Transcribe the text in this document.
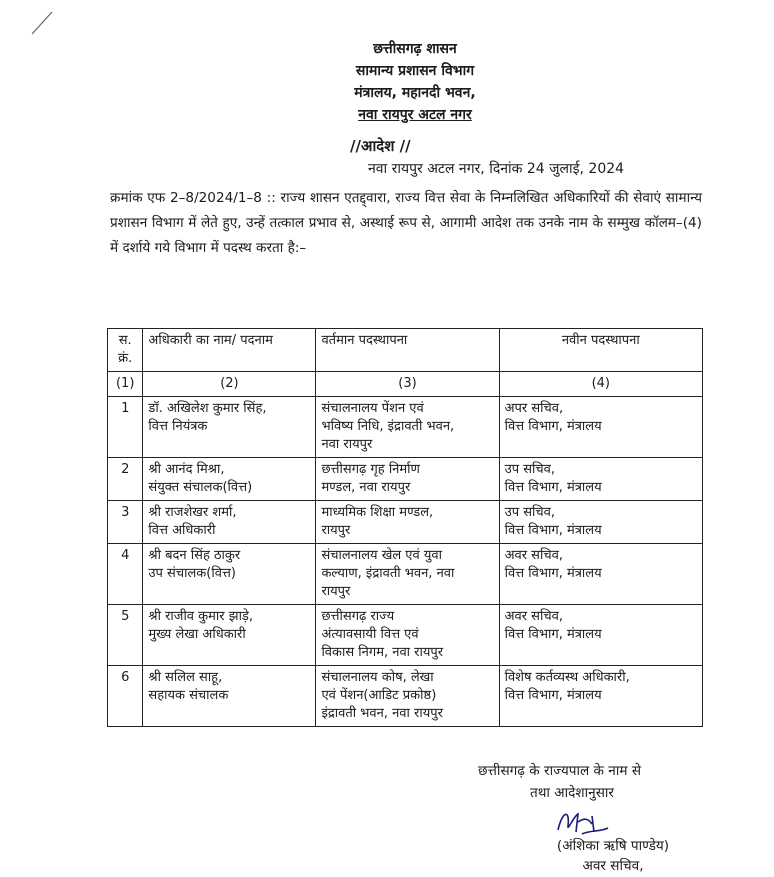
छत्तीसगढ़ शासन
सामान्य प्रशासन विभाग
मंत्रालय, महानदी भवन,
नवा रायपुर अटल नगर
//आदेश //
नवा रायपुर अटल नगर, दिनांक 24 जुलाई, 2024
क्रमांक एफ 2–8/2024/1–8 :: राज्य शासन एतद्द्वारा, राज्य वित्त सेवा के निम्नलिखित अधिकारियों की सेवाएं सामान्य प्रशासन विभाग में लेते हुए, उन्हें तत्काल प्रभाव से, अस्थाई रूप से, आगामी आदेश तक उनके नाम के सम्मुख कॉलम–(4) में दर्शाये गये विभाग में पदस्थ करता है:–
स. क्रं.	अधिकारी का नाम/ पदनाम	वर्तमान पदस्थापना	नवीन पदस्थापना
(1)	(2)	(3)	(4)
1	डॉ. अखिलेश कुमार सिंह,
वित्त नियंत्रक	संचालनालय पेंशन एवं
भविष्य निधि, इंद्रावती भवन,
नवा रायपुर	अपर सचिव,
वित्त विभाग, मंत्रालय

2	श्री आनंद मिश्रा,
संयुक्त संचालक(वित्त)	छत्तीसगढ़ गृह निर्माण
मण्डल, नवा रायपुर	उप सचिव,
वित्त विभाग, मंत्रालय

3	श्री राजशेखर शर्मा,
वित्त अधिकारी	माध्यमिक शिक्षा मण्डल,
रायपुर	उप सचिव,
वित्त विभाग, मंत्रालय

4	श्री बदन सिंह ठाकुर
उप संचालक(वित्त)	संचालनालय खेल एवं युवा
कल्याण, इंद्रावती भवन, नवा
रायपुर	अवर सचिव,
वित्त विभाग, मंत्रालय

5	श्री राजीव कुमार झाड़े,
मुख्य लेखा अधिकारी	छत्तीसगढ़ राज्य
अंत्यावसायी वित्त एवं
विकास निगम, नवा रायपुर	अवर सचिव,
वित्त विभाग, मंत्रालय

6	श्री सलिल साहू,
सहायक संचालक	संचालनालय कोष, लेखा
एवं पेंशन(आडिट प्रकोष्ठ)
इंद्रावती भवन, नवा रायपुर	विशेष कर्तव्यस्थ अधिकारी,
वित्त विभाग, मंत्रालय
छत्तीसगढ़ के राज्यपाल के नाम से
तथा आदेशानुसार
(अंशिका ऋषि पाण्डेय)
अवर सचिव,
